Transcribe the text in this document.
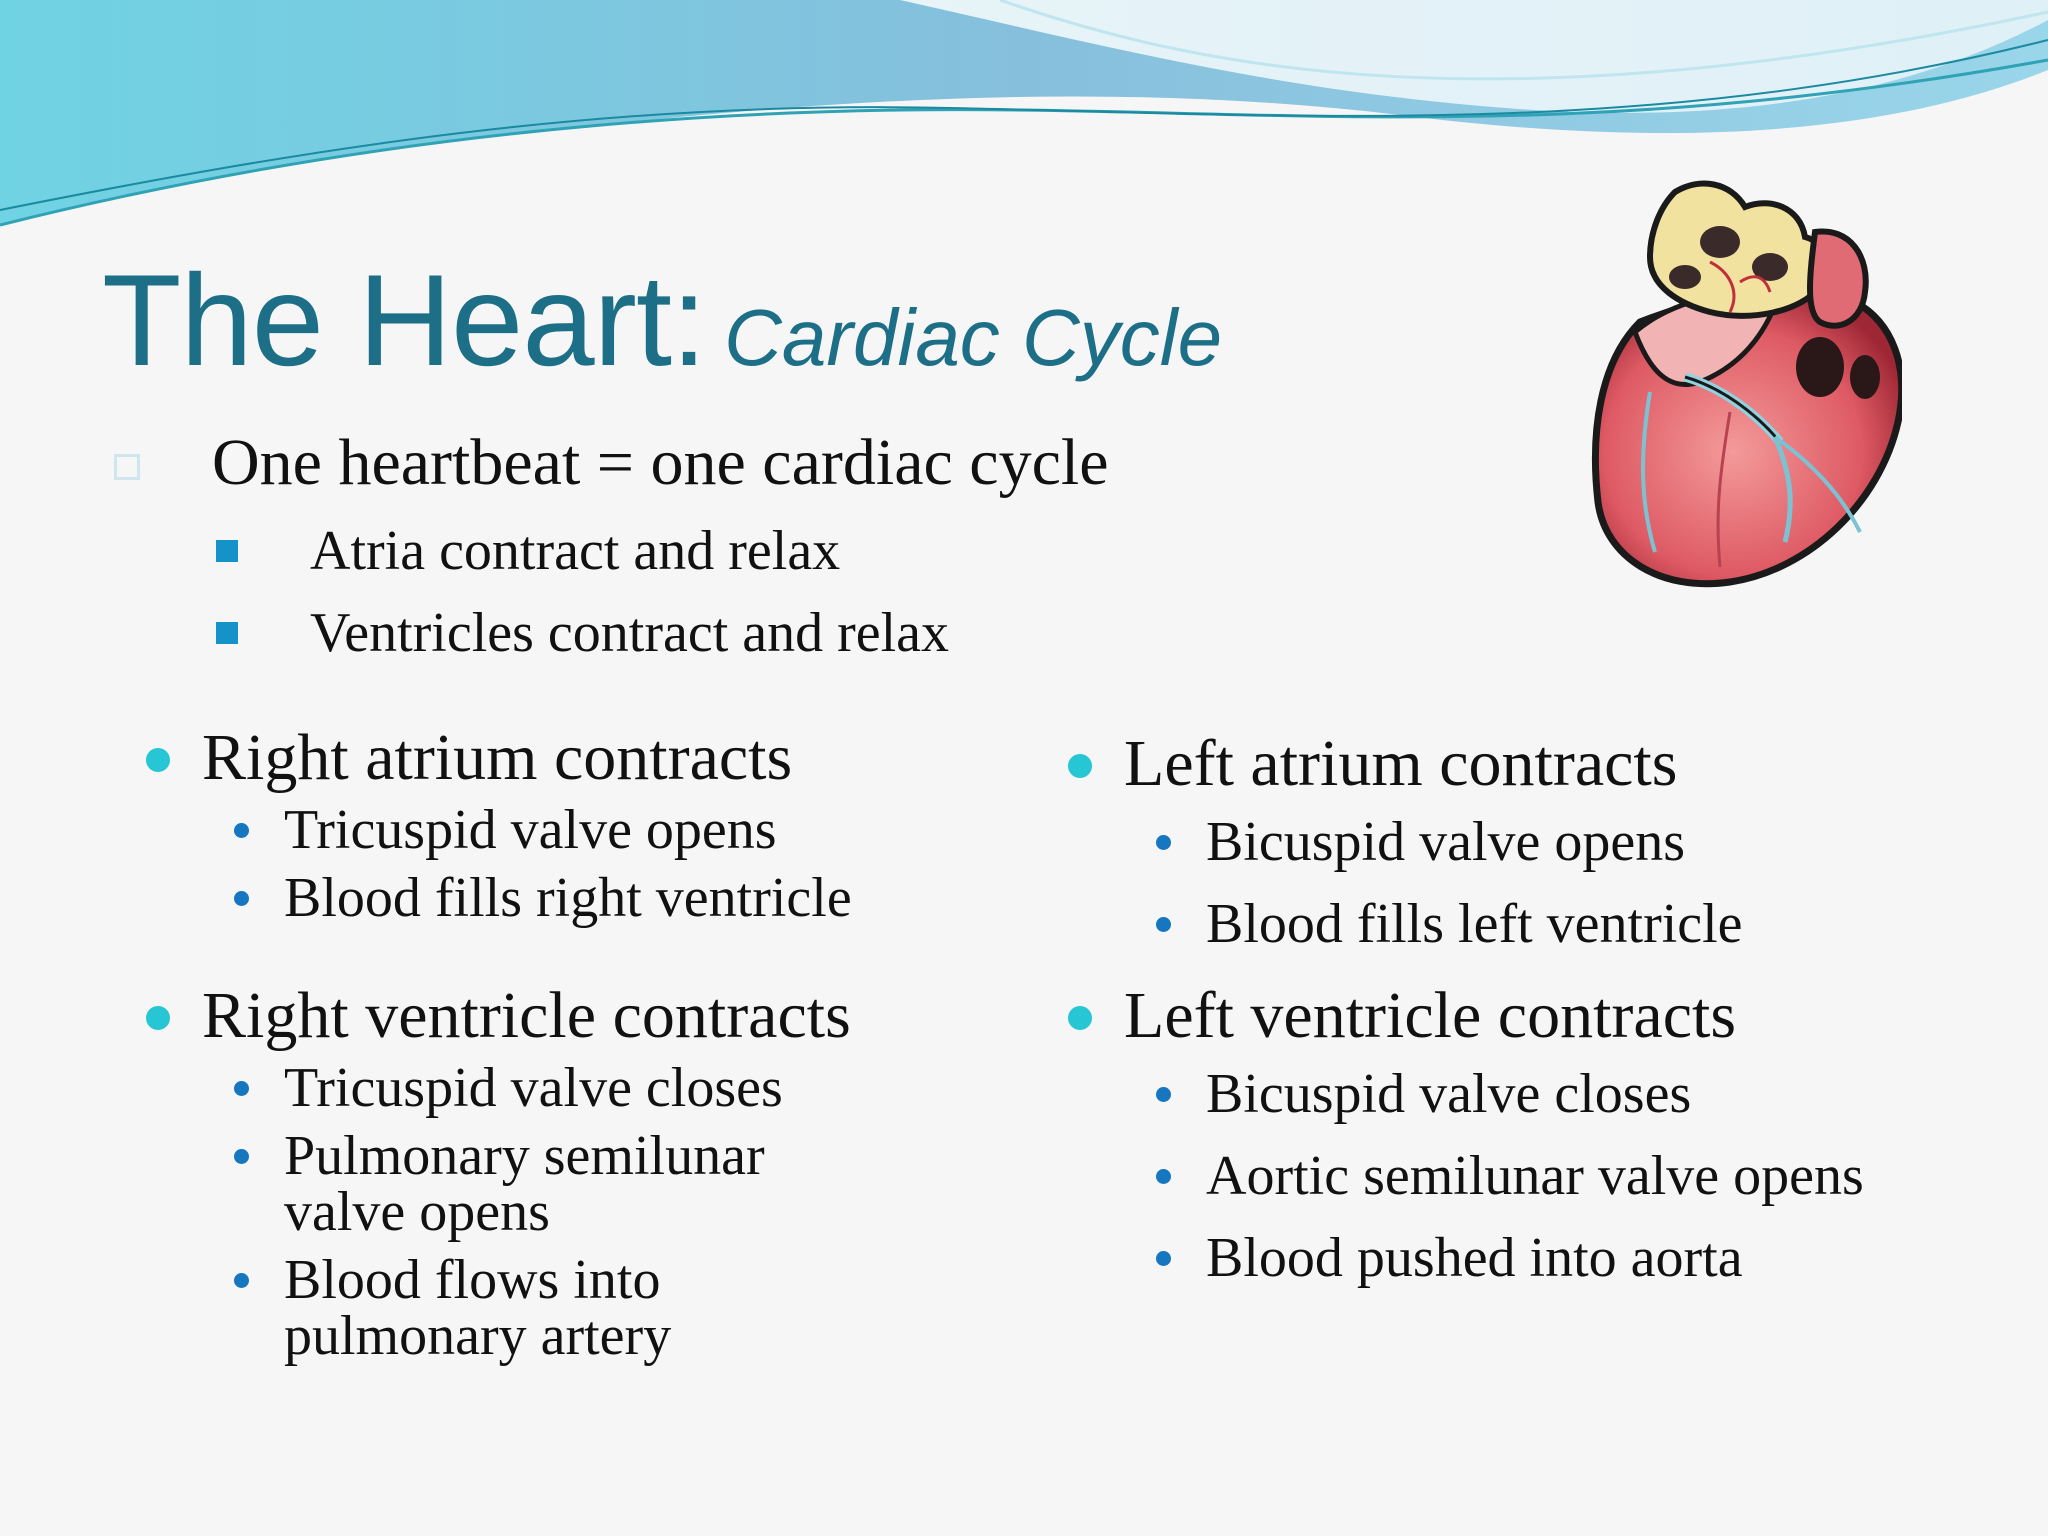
The Heart: Cardiac Cycle
One heartbeat = one cardiac cycle
Atria contract and relax
Ventricles contract and relax
Right atrium contracts
Tricuspid valve opens
Blood fills right ventricle
Right ventricle contracts
Tricuspid valve closes
Pulmonary semilunar valve opens
Blood flows into pulmonary artery
Left atrium contracts
Bicuspid valve opens
Blood fills left ventricle
Left ventricle contracts
Bicuspid valve closes
Aortic semilunar valve opens
Blood pushed into aorta
